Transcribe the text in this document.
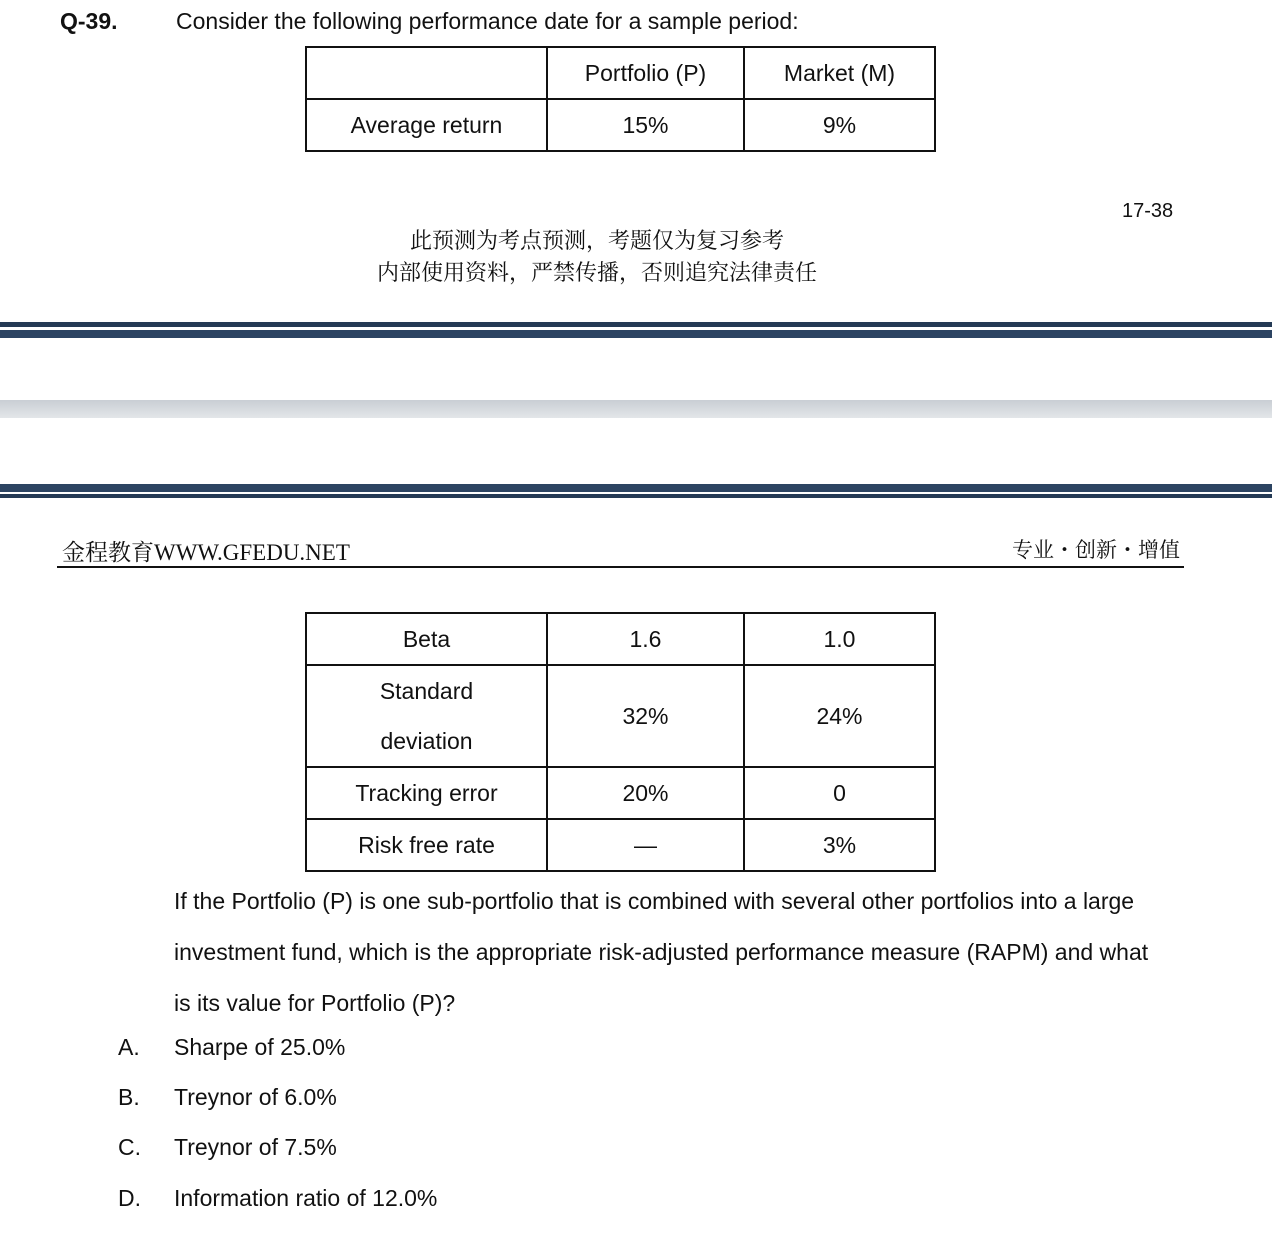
Q-39.	Consider the following performance date for a sample period:
	Portfolio (P)	Market (M)
Average return	15%	9%
17-38
此预测为考点预测，考题仅为复习参考
内部使用资料，严禁传播，否则追究法律责任
金程教育WWW.GFEDU.NET	专业・创新・增值
Beta	1.6	1.0
Standard
deviation	32%	24%
Tracking error	20%	0
Risk free rate	—	3%
If the Portfolio (P) is one sub-portfolio that is combined with several other portfolios into a large investment fund, which is the appropriate risk-adjusted performance measure (RAPM) and what is its value for Portfolio (P)?
A. Sharpe of 25.0%
B. Treynor of 6.0%
C. Treynor of 7.5%
D. Information ratio of 12.0%
